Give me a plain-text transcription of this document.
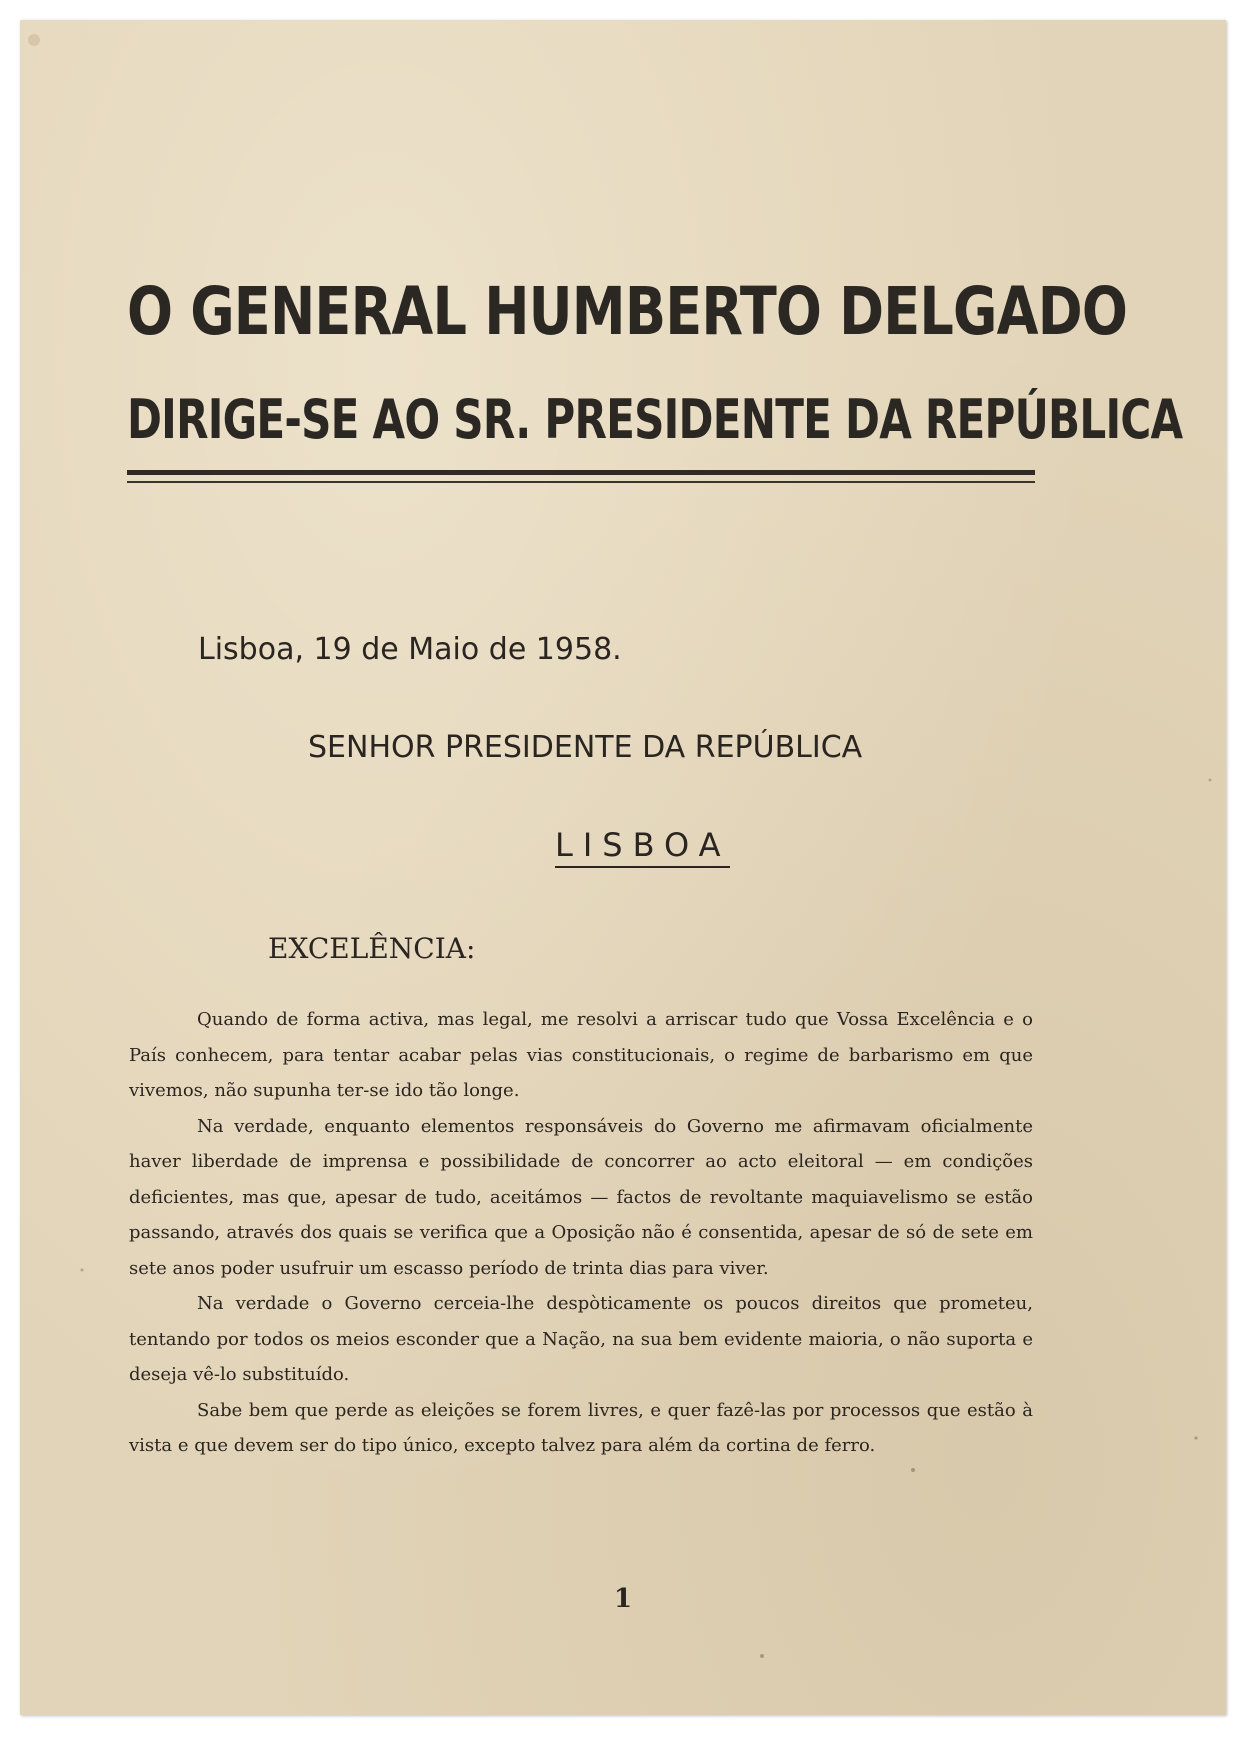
O GENERAL HUMBERTO DELGADO
DIRIGE-SE AO SR. PRESIDENTE DA REPÚBLICA
Lisboa, 19 de Maio de 1958.
SENHOR PRESIDENTE DA REPÚBLICA
LISBOA
EXCELÊNCIA:

Quando de forma activa, mas legal, me resolvi a arriscar tudo que Vossa Excelência e o País conhecem, para tentar acabar pelas vias constitucionais, o regime de barbarismo em que vivemos, não supunha ter-se ido tão longe.

Na verdade, enquanto elementos responsáveis do Governo me afirmavam oficialmente haver liberdade de imprensa e possibilidade de concorrer ao acto eleitoral — em condições deficientes, mas que, apesar de tudo, aceitámos — factos de revoltante maquiavelismo se estão passando, através dos quais se verifica que a Oposição não é consentida, apesar de só de sete em sete anos poder usufruir um escasso período de trinta dias para viver.

Na verdade o Governo cerceia-lhe despòticamente os poucos direitos que prometeu, tentando por todos os meios esconder que a Nação, na sua bem evidente maioria, o não suporta e deseja vê-lo substituído.

Sabe bem que perde as eleições se forem livres, e quer fazê-las por processos que estão à vista e que devem ser do tipo único, excepto talvez para além da cortina de ferro.

1
